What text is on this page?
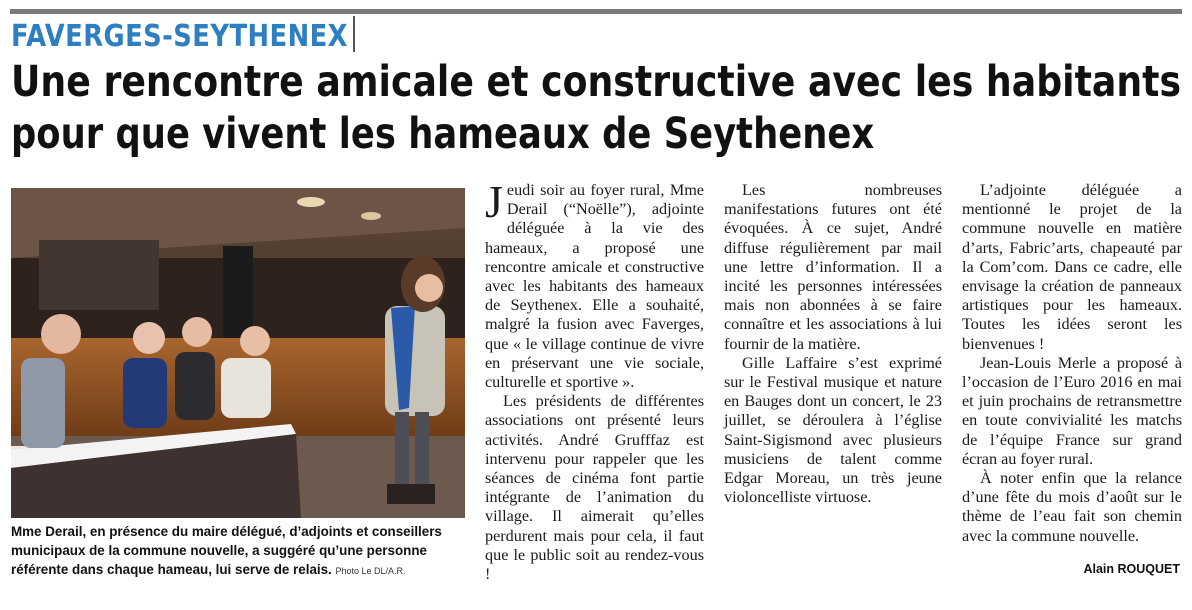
FAVERGES-SEYTHENEX
Une rencontre amicale et constructive avec les habitants
pour que vivent les hameaux de Seythenex
Mme Derail, en présence du maire délégué, d’adjoints et conseillers municipaux de la commune nouvelle, a suggéré qu’une personne référente dans chaque hameau, lui serve de relais. Photo Le DL/A.R.

Jeudi soir au foyer rural, Mme Derail (“Noëlle”), adjointe déléguée à la vie des hameaux, a proposé une rencontre amicale et constructive avec les habitants des hameaux de Seythenex. Elle a souhaité, malgré la fusion avec Faverges, que « le village continue de vivre en préservant une vie sociale, culturelle et sportive ».

Les présidents de différentes associations ont présenté leurs activités. André Grufffaz est intervenu pour rappeler que les séances de cinéma font partie intégrante de l’animation du village. Il aimerait qu’elles perdurent mais pour cela, il faut que le public soit au rendez-vous !

Les nombreuses manifestations futures ont été évoquées. À ce sujet, André diffuse régulièrement par mail une lettre d’information. Il a incité les personnes intéressées mais non abonnées à se faire connaître et les associations à lui fournir de la matière.

Gille Laffaire s’est exprimé sur le Festival musique et nature en Bauges dont un concert, le 23 juillet, se déroulera à l’église Saint-Sigismond avec plusieurs musiciens de talent comme Edgar Moreau, un très jeune violoncelliste virtuose.

L’adjointe déléguée a mentionné le projet de la commune nouvelle en matière d’arts, Fabric’arts, chapeauté par la Com’com. Dans ce cadre, elle envisage la création de panneaux artistiques pour les hameaux. Toutes les idées seront les bienvenues !

Jean-Louis Merle a proposé à l’occasion de l’Euro 2016 en mai et juin prochains de retransmettre en toute convivialité les matchs de l’équipe France sur grand écran au foyer rural.

À noter enfin que la relance d’une fête du mois d’août sur le thème de l’eau fait son chemin avec la commune nouvelle.

Alain ROUQUET
